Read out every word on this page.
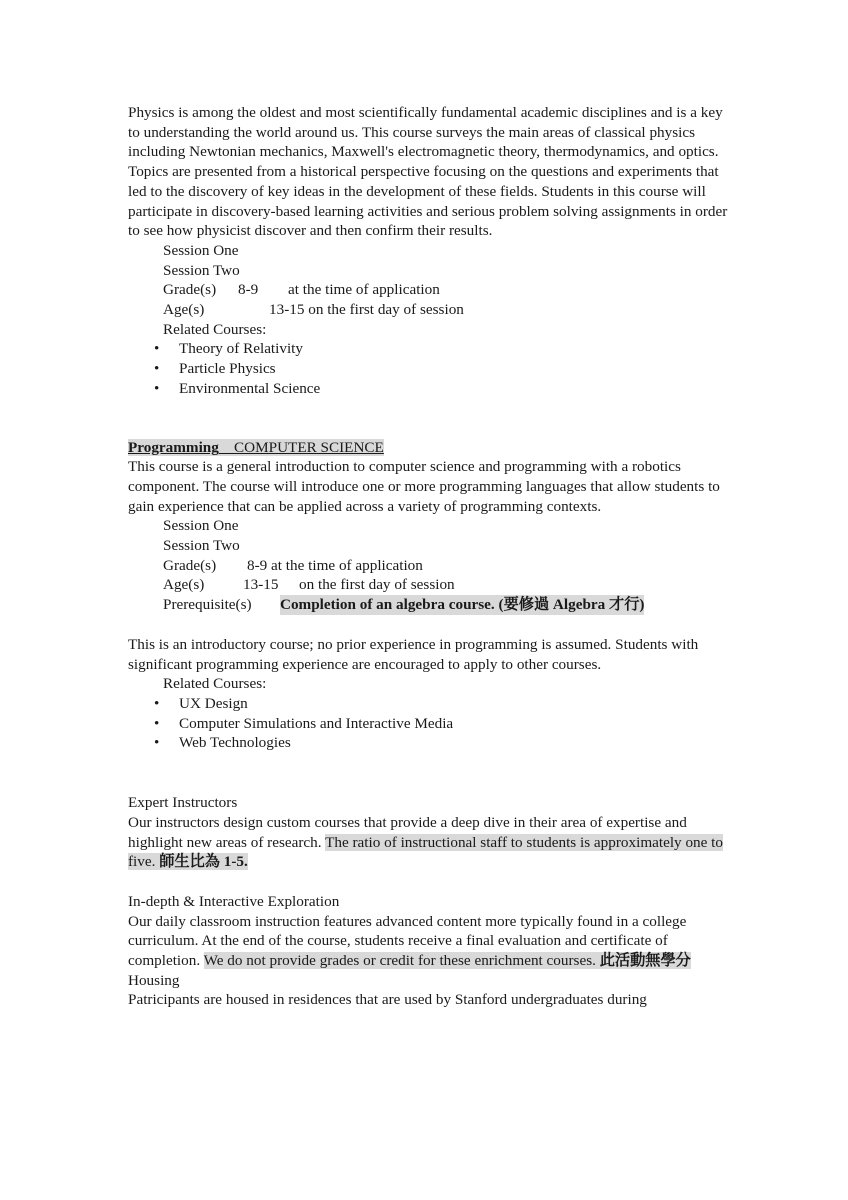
Physics is among the oldest and most scientifically fundamental academic disciplines and is a key to understanding the world around us. This course surveys the main areas of classical physics including Newtonian mechanics, Maxwell's electromagnetic theory, thermodynamics, and optics. Topics are presented from a historical perspective focusing on the questions and experiments that led to the discovery of key ideas in the development of these fields. Students in this course will participate in discovery-based learning activities and serious problem solving assignments in order to see how physicist discover and then confirm their results.

Session One

Session Two

Grade(s) 8-9 at the time of application

Age(s)	13-15 on the first day of session

Related Courses:

• Theory of Relativity
• Particle Physics
• Environmental Science

Programming COMPUTER SCIENCE

This course is a general introduction to computer science and programming with a robotics component. The course will introduce one or more programming languages that allow students to gain experience that can be applied across a variety of programming contexts.

Session One

Session Two

Grade(s) 8-9 at the time of application

Age(s)	13-15 on the first day of session

Prerequisite(s) Completion of an algebra course. (要修過 Algebra 才行)

This is an introductory course; no prior experience in programming is assumed. Students with significant programming experience are encouraged to apply to other courses.

Related Courses:

• UX Design
• Computer Simulations and Interactive Media
• Web Technologies

Expert Instructors

Our instructors design custom courses that provide a deep dive in their area of expertise and highlight new areas of research. The ratio of instructional staff to students is approximately one to five. 師生比為 1-5.

In-depth & Interactive Exploration

Our daily classroom instruction features advanced content more typically found in a college curriculum. At the end of the course, students receive a final evaluation and certificate of completion. We do not provide grades or credit for these enrichment courses. 此活動無學分

Housing

Patricipants are housed in residences that are used by Stanford undergraduates during
